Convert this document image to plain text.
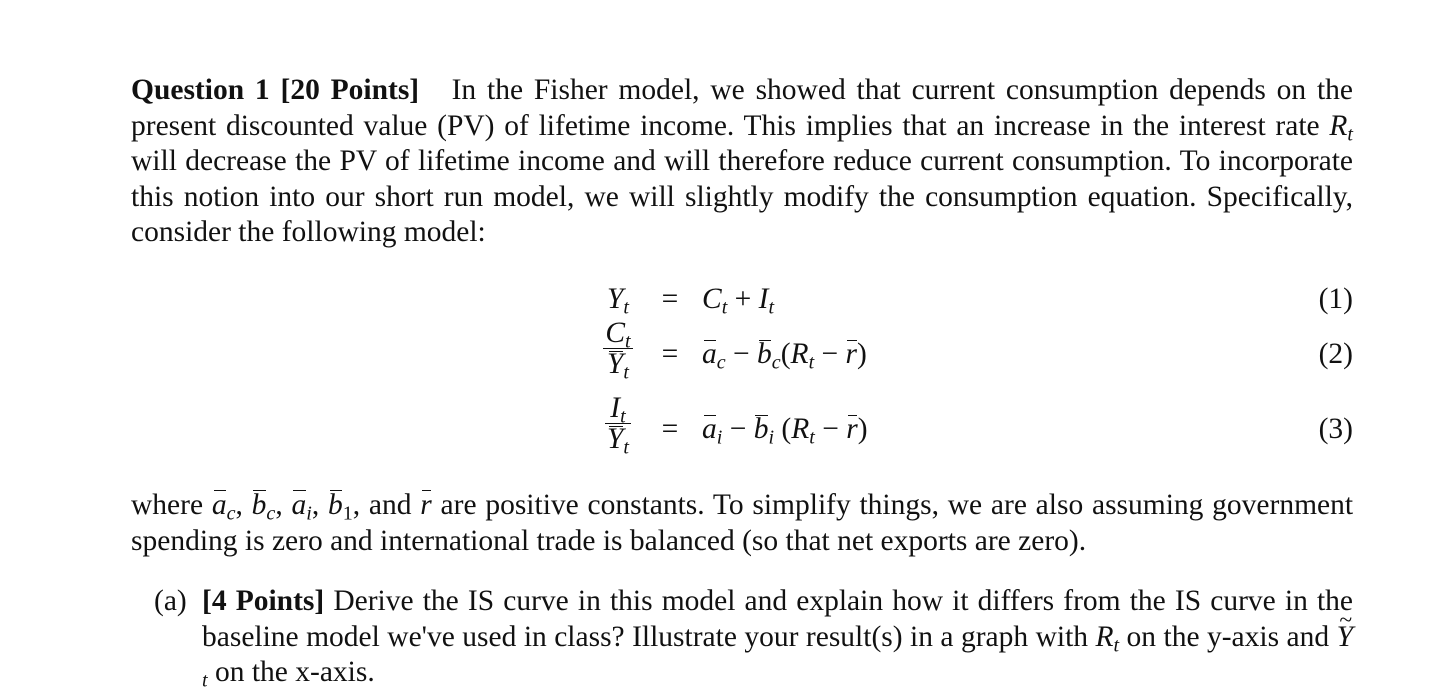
Question 1 [20 Points] In the Fisher model, we showed that current consumption depends on the present discounted value (PV) of lifetime income. This implies that an increase in the interest rate $R_t$ will decrease the PV of lifetime income and will therefore reduce current consumption. To incorporate this notion into our short run model, we will slightly modify the consumption equation. Specifically, consider the following model:
$Y_t$	= $C_t + I_t$	(1)
$\frac{C_t}{Y_t} = a_c - b_c(R_t - r)$	(2)
$\frac{I_t}{Y_t} = a_i - b_i$ $(R_t - r)$	(3)
where $a_c$, $b_c$, $a_i$, $b_1$, and r are positive constants. To simplify things, we are also assuming government spending is zero and international trade is balanced (so that net exports are zero).
(a) [4 Points] Derive the IS curve in this model and explain how it differs from the IS curve in the baseline model we've used in class? Illustrate your result(s) in a graph with $R_t$ on the y-axis and ~ $Y_t$ on the x-axis.
